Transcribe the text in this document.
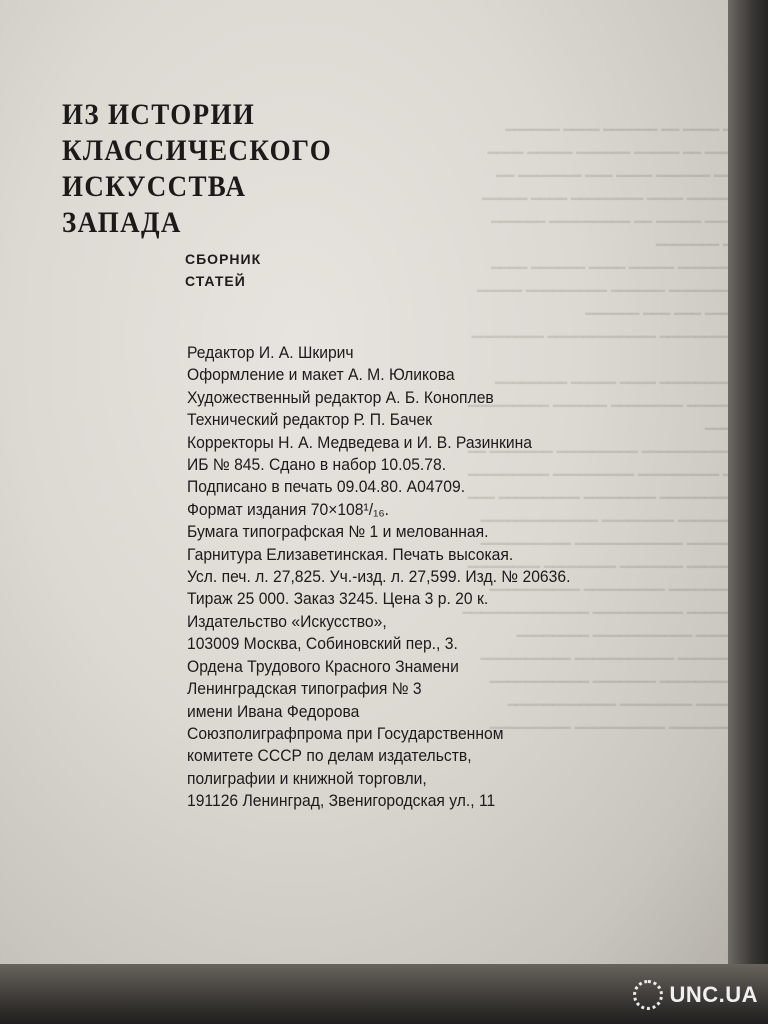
━━━ ━━━━ ━━ ━━━━━━ ━━━━ ━━━━━━
━━━━━ ━━ ━━━━━ ━━━━━━ ━━━━━ ━━━━
━━━━ ━━━━━━ ━━━━ ━━━ ━━━━━━━ ━━
━━━━━━━ ━━━━ ━━━━━━━━ ━━━━ ━━━━━
━━━━━ ━━━━━ ━━ ━━━━━━━━━ ━━━━━━
━━━ ━━━━━━━
━━━━━━━━ ━━━━━ ━━━━ ━━━━━━ ━━━━
━━━━━━━━━ ━━━━━━ ━━━━━━━━━ ━━━━━
━━━━━ ━━━ ━━━ ━━━━━━
━━━━━━━━━━ ━━━━━━━━━━━━ ━━━━━━━━
━━━━━━━━━━ ━━━━ ━━━━━ ━━━━━━━━
━━━━━━━ ━━━━━━━━ ━━━━━━ ━━━━━━━━━
━━━━━━━━━━━━ ━━━━━━━━━ ━━━━━━━ ━━
━━━ ━━━━━━━━━ ━━━━━━━━━ ━━━━━━━━━
━━━━━━━━━━ ━━━━━━━━ ━━━━━━━━━ ━━━
━━━━━━━━ ━━━━━━━━ ━━━━━━━━━━━━━
━━━━━━━ ━━━━━━━━━━━━ ━━━━━━━━━━
━━━━━━━ ━━━━━━━ ━━━━━━━━ ━━━━━━━━
━━━━━━━━━ ━━━━━━━━━ ━━━━━━━━━━
━━━━━━━ ━━━━━━━━━━ ━━━━━━━━━━━━━━
━━━━━━ ━━━━━━━━━━━ ━━━━━━━━
━━━━━━━━ ━━━━━━━━━━━ ━━━━━━━━━━
━━━━━━━━━━ ━━━━━━━ ━━━━━━━━━━━
━━━━━━ ━━━━━━━━ ━━━━━━━━━━━━
━━━━━━━━━ ━━━━━━━━━━ ━━━━━━━━━
ИЗ ИСТОРИИ
КЛАССИЧЕСКОГО
ИСКУССТВА
ЗАПАДА
СБОРНИК
СТАТЕЙ
Редактор И. А. Шкирич
Оформление и макет А. М. Юликова
Художественный редактор А. Б. Коноплев
Технический редактор Р. П. Бачек
Корректоры Н. А. Медведева и И. В. Разинкина
ИБ № 845. Сдано в набор 10.05.78.
Подписано в печать 09.04.80. А04709.
Формат издания 70×108¹/₁₆.
Бумага типографская № 1 и мелованная.
Гарнитура Елизаветинская. Печать высокая.
Усл. печ. л. 27,825. Уч.-изд. л. 27,599. Изд. № 20636.
Тираж 25 000. Заказ 3245. Цена 3 р. 20 к.
Издательство «Искусство»,
103009 Москва, Собиновский пер., 3.
Ордена Трудового Красного Знамени
Ленинградская типография № 3
имени Ивана Федорова
Союзполиграфпрома при Государственном
комитете СССР по делам издательств,
полиграфии и книжной торговли,
191126 Ленинград, Звенигородская ул., 11
UNC.UA
